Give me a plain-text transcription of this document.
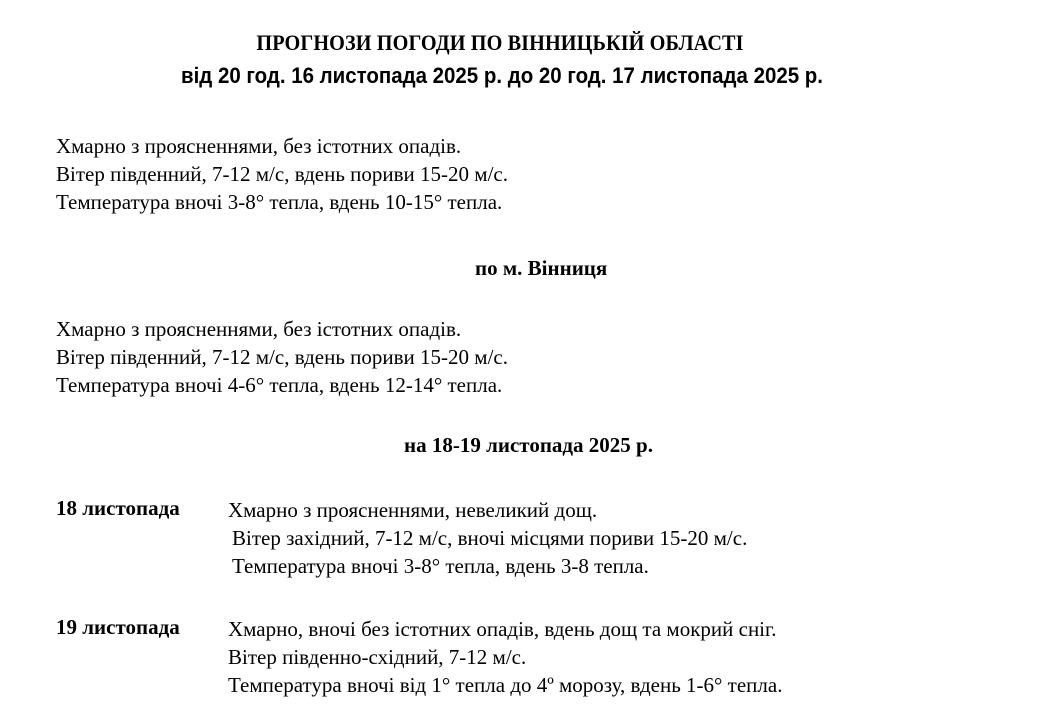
ПРОГНОЗИ ПОГОДИ ПО ВІННИЦЬКІЙ ОБЛАСТІ
від 20 год. 16 листопада 2025 р. до 20 год. 17 листопада 2025 р.
Хмарно з проясненнями, без істотних опадів.
Вітер південний, 7-12 м/с, вдень пориви 15-20 м/с.
Температура вночі 3-8° тепла, вдень 10-15° тепла.
по м. Вінниця
Хмарно з проясненнями, без істотних опадів.
Вітер південний, 7-12 м/с, вдень пориви 15-20 м/с.
Температура вночі 4-6° тепла, вдень 12-14° тепла.
на 18-19 листопада 2025 р.
18 листопада Хмарно з проясненнями, невеликий дощ.
Вітер західний, 7-12 м/с, вночі місцями пориви 15-20 м/с.
Температура вночі 3-8° тепла, вдень 3-8 тепла.
19 листопада Хмарно, вночі без істотних опадів, вдень дощ та мокрий сніг.
Вітер південно-східний, 7-12 м/с.
Температура вночі від 1° тепла до 4º морозу, вдень 1-6° тепла.
